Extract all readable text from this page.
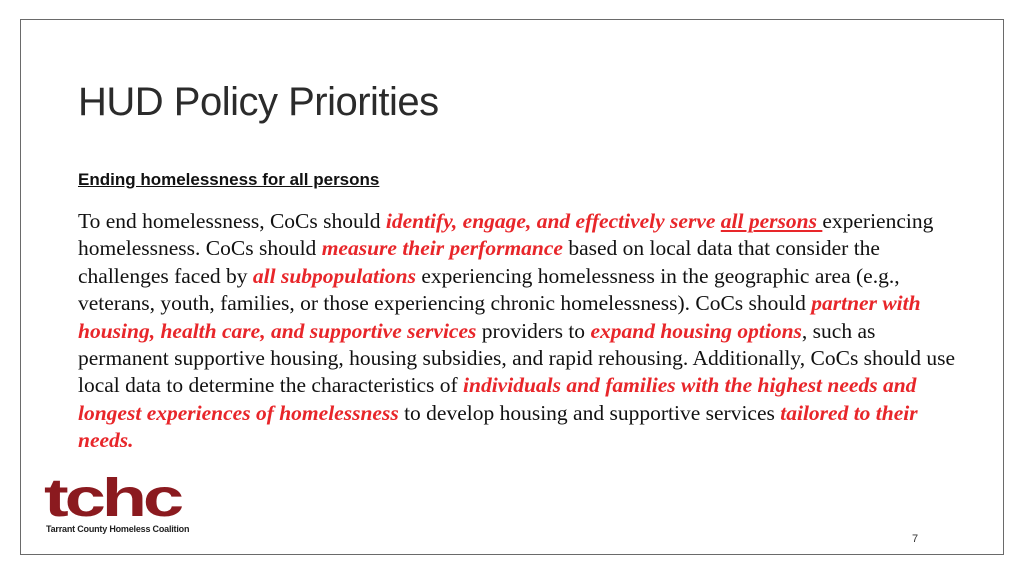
HUD Policy Priorities
Ending homelessness for all persons

To end homelessness, CoCs should identify, engage, and effectively serve all persons experiencing homelessness. CoCs should measure their performance based on local data that consider the challenges faced by all subpopulations experiencing homelessness in the geographic area (e.g., veterans, youth, families, or those experiencing chronic homelessness). CoCs should partner with housing, health care, and supportive services providers to expand housing options, such as permanent supportive housing, housing subsidies, and rapid rehousing. Additionally, CoCs should use local data to determine the characteristics of individuals and families with the highest needs and longest experiences of homelessness to develop housing and supportive services tailored to their needs.

tchc
Tarrant County Homeless Coalition
7
